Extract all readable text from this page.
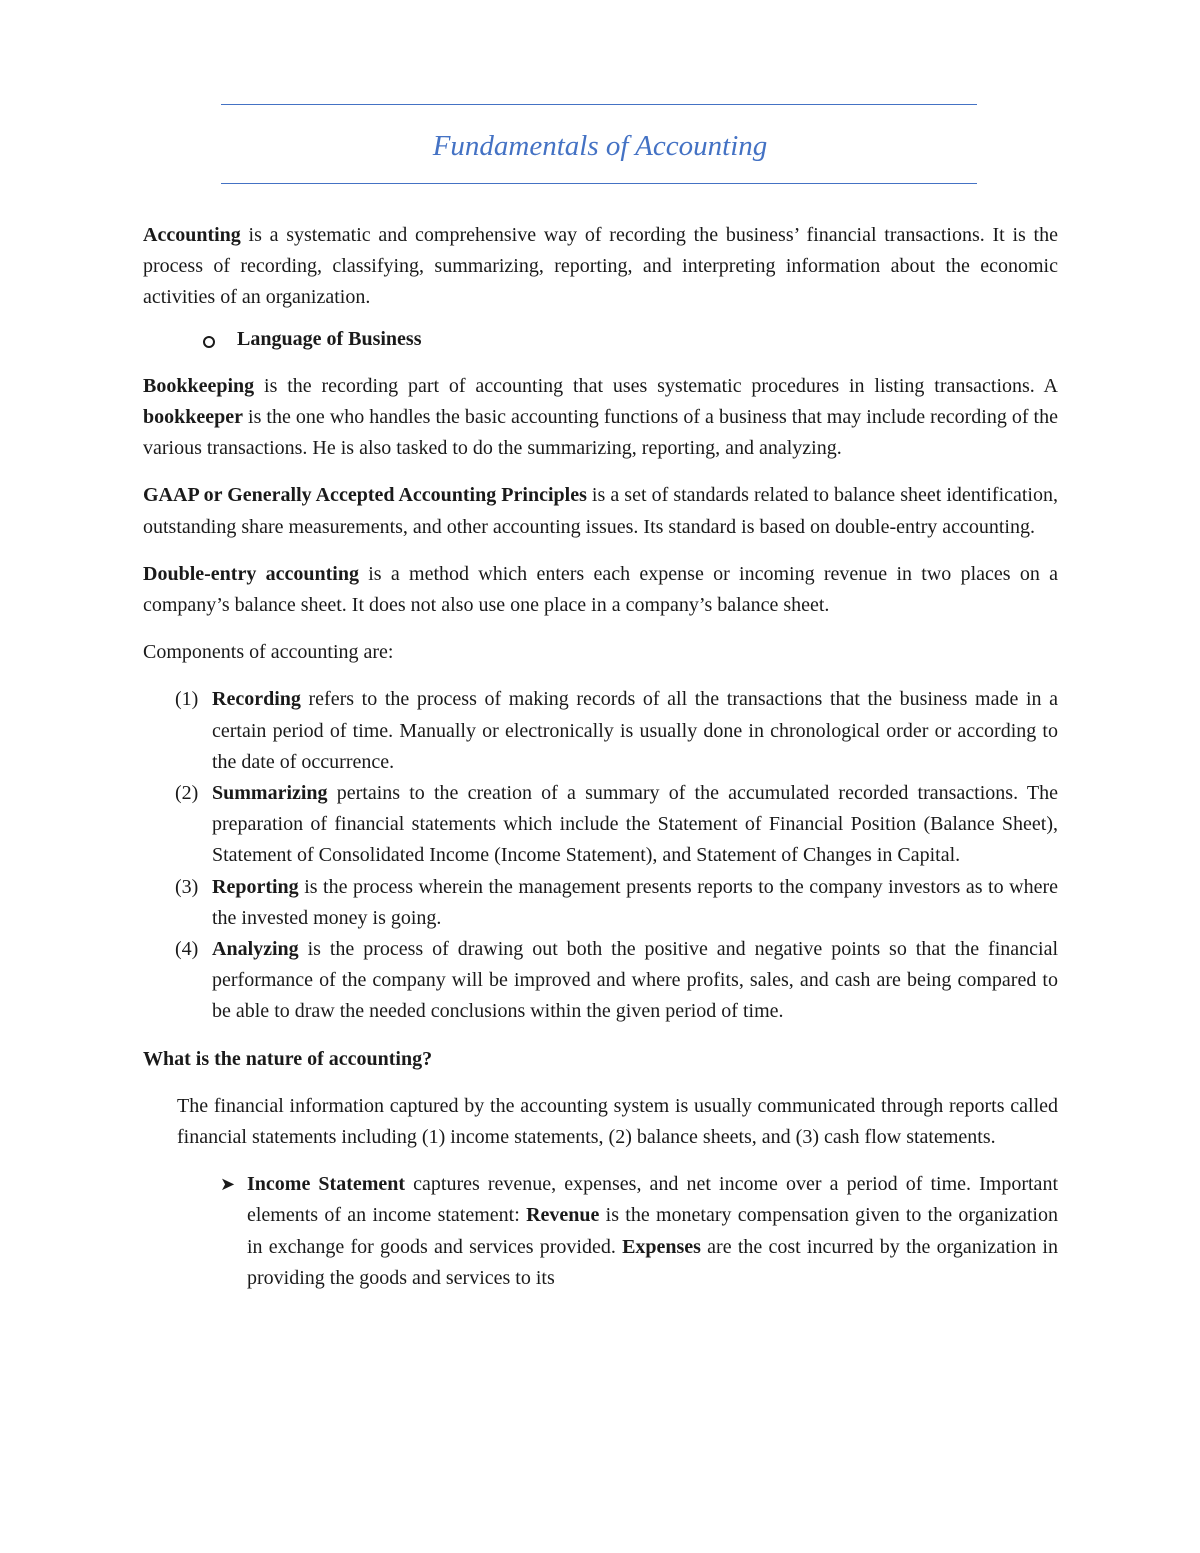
Fundamentals of Accounting

Accounting is a systematic and comprehensive way of recording the business’ financial transactions. It is the process of recording, classifying, summarizing, reporting, and interpreting information about the economic activities of an organization.

Language of Business

Bookkeeping is the recording part of accounting that uses systematic procedures in listing transactions. A bookkeeper is the one who handles the basic accounting functions of a business that may include recording of the various transactions. He is also tasked to do the summarizing, reporting, and analyzing.

GAAP or Generally Accepted Accounting Principles is a set of standards related to balance sheet identification, outstanding share measurements, and other accounting issues. Its standard is based on double-entry accounting.

Double-entry accounting is a method which enters each expense or incoming revenue in two places on a company’s balance sheet. It does not also use one place in a company’s balance sheet.

Components of accounting are:

(1) Recording refers to the process of making records of all the transactions that the business made in a certain period of time. Manually or electronically is usually done in chronological order or according to the date of occurrence.
(2) Summarizing pertains to the creation of a summary of the accumulated recorded transactions. The preparation of financial statements which include the Statement of Financial Position (Balance Sheet), Statement of Consolidated Income (Income Statement), and Statement of Changes in Capital.
(3) Reporting is the process wherein the management presents reports to the company investors as to where the invested money is going.
(4) Analyzing is the process of drawing out both the positive and negative points so that the financial performance of the company will be improved and where profits, sales, and cash are being compared to be able to draw the needed conclusions within the given period of time.

What is the nature of accounting?

The financial information captured by the accounting system is usually communicated through reports called financial statements including (1) income statements, (2) balance sheets, and (3) cash flow statements.

➤ Income Statement captures revenue, expenses, and net income over a period of time. Important elements of an income statement: Revenue is the monetary compensation given to the organization in exchange for goods and services provided. Expenses are the cost incurred by the organization in providing the goods and services to its
